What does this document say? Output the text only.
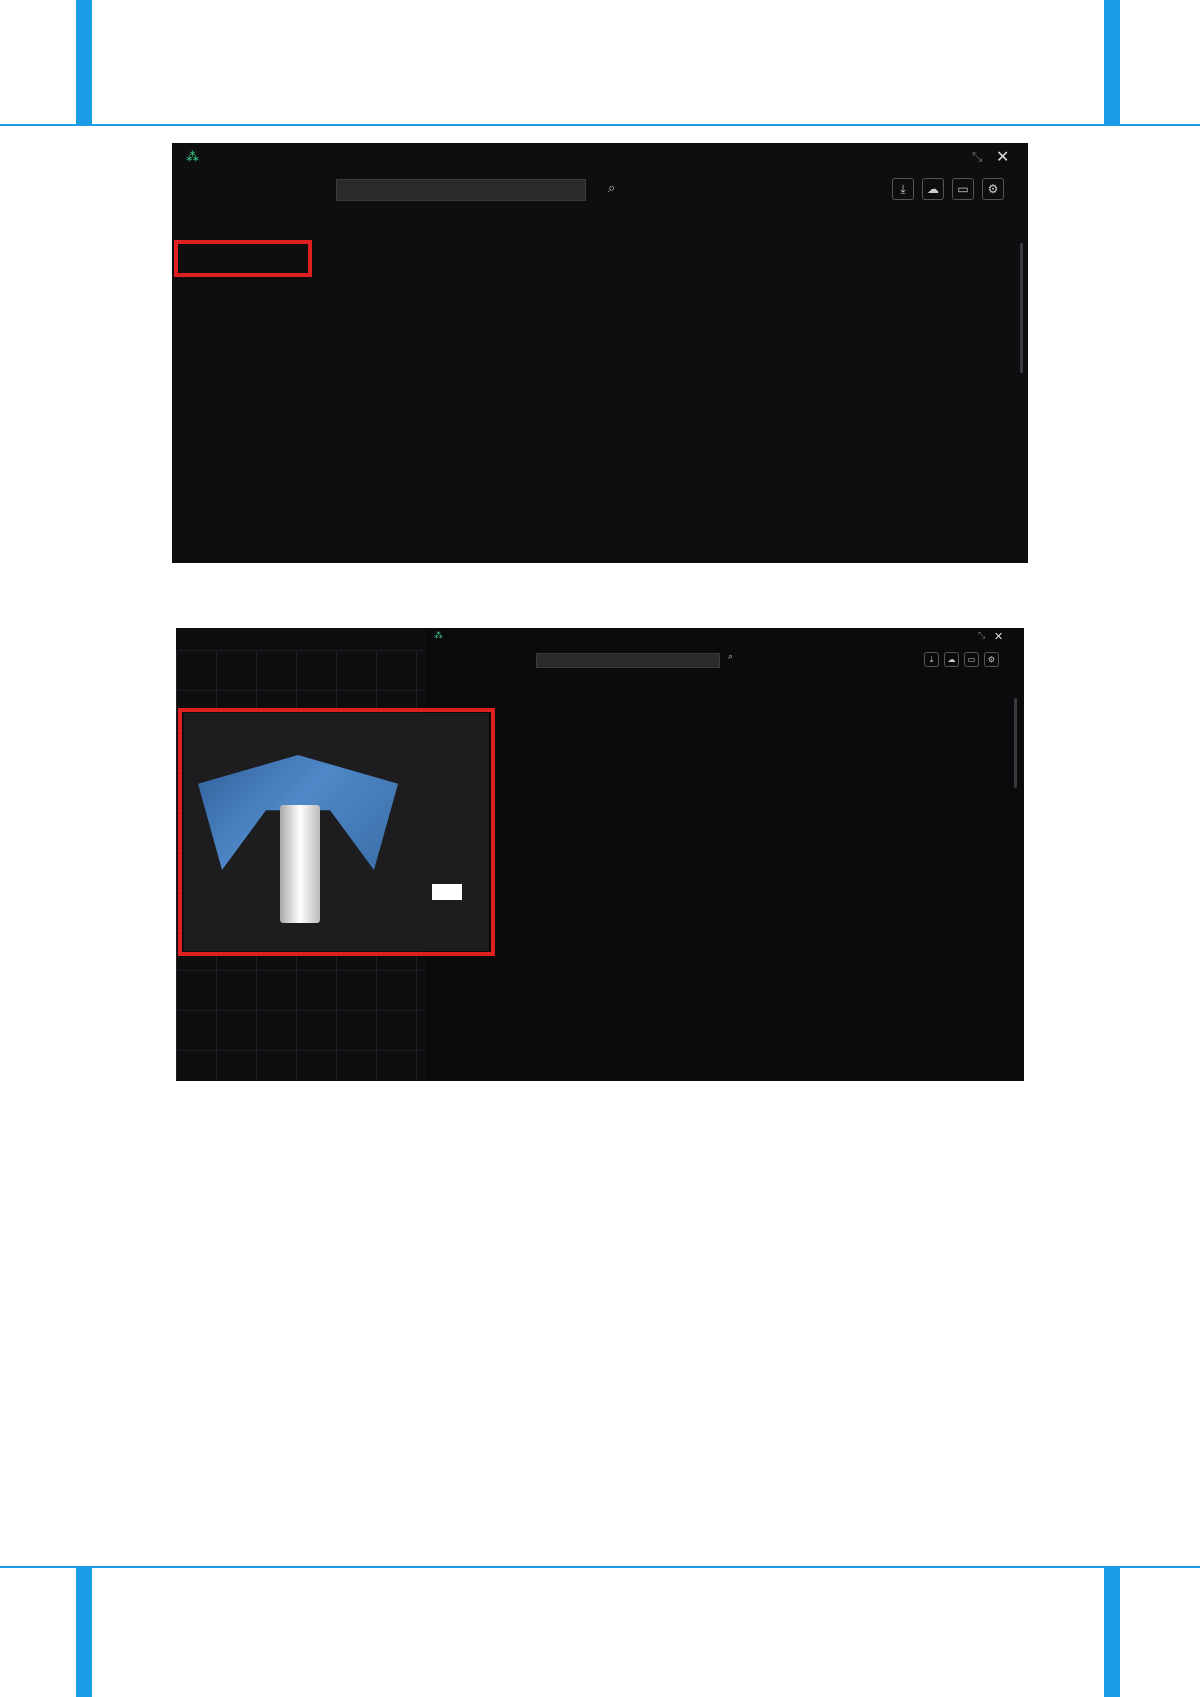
⁂	⤡ ✕
⌕	⤓	☁	▭	⚙
⁂	⤡ ✕
⌕	⤓	☁	▭	⚙
